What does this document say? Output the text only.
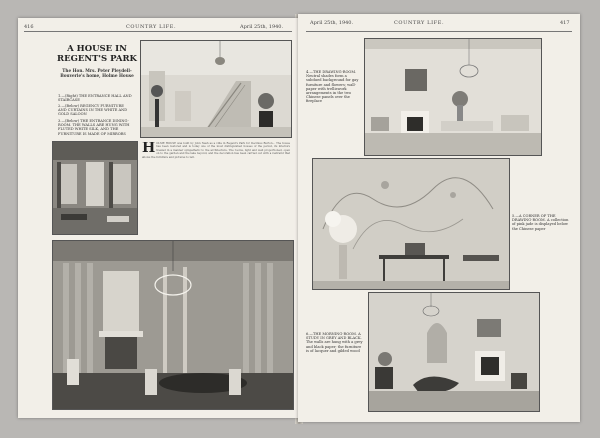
416	COUNTRY LIFE.	April 25th, 1940.
A HOUSE IN REGENT'S PARK
The Hon. Mrs. Peter Pleydell-Bouverie's home, Holme House
1.—(Right) THE ENTRANCE HALL AND STAIRCASE
2.—(Below) REGENCY FURNITURE AND CURTAINS IN THE WHITE AND GOLD SALOON
3.—(Below) THE ENTRANCE DINING-ROOM. THE WALLS ARE HUNG WITH FLUTED WHITE SILK, AND THE FURNITURE IS MADE OF MIRRORS
HOLME HOUSE was built by John Nash as a villa in Regent's Park for Decimus Burton... The house has been restored and is today one of the most distinguished houses of the period, its interiors treated in a manner sympathetic to the architecture. The rooms, light and well proportioned, open on to the garden and the lake beyond, and the decoration has been carried out with a restraint that allows the furniture and pictures to tell.
April 25th, 1940.	COUNTRY LIFE.	417
4.—THE DRAWING-ROOM. Neutral shades form a subdued background for gay furniture and flowers; wall-paper with trelliswork arrangements in the two Chinese panels over the fireplace
5.—A CORNER OF THE DRAWING-ROOM. A collection of pink jade is displayed below the Chinese paper
6.—THE MORNING-ROOM. A STUDY IN GREY AND BLACK. The walls are hung with a grey and black paper; the furniture is of lacquer and gilded wood
